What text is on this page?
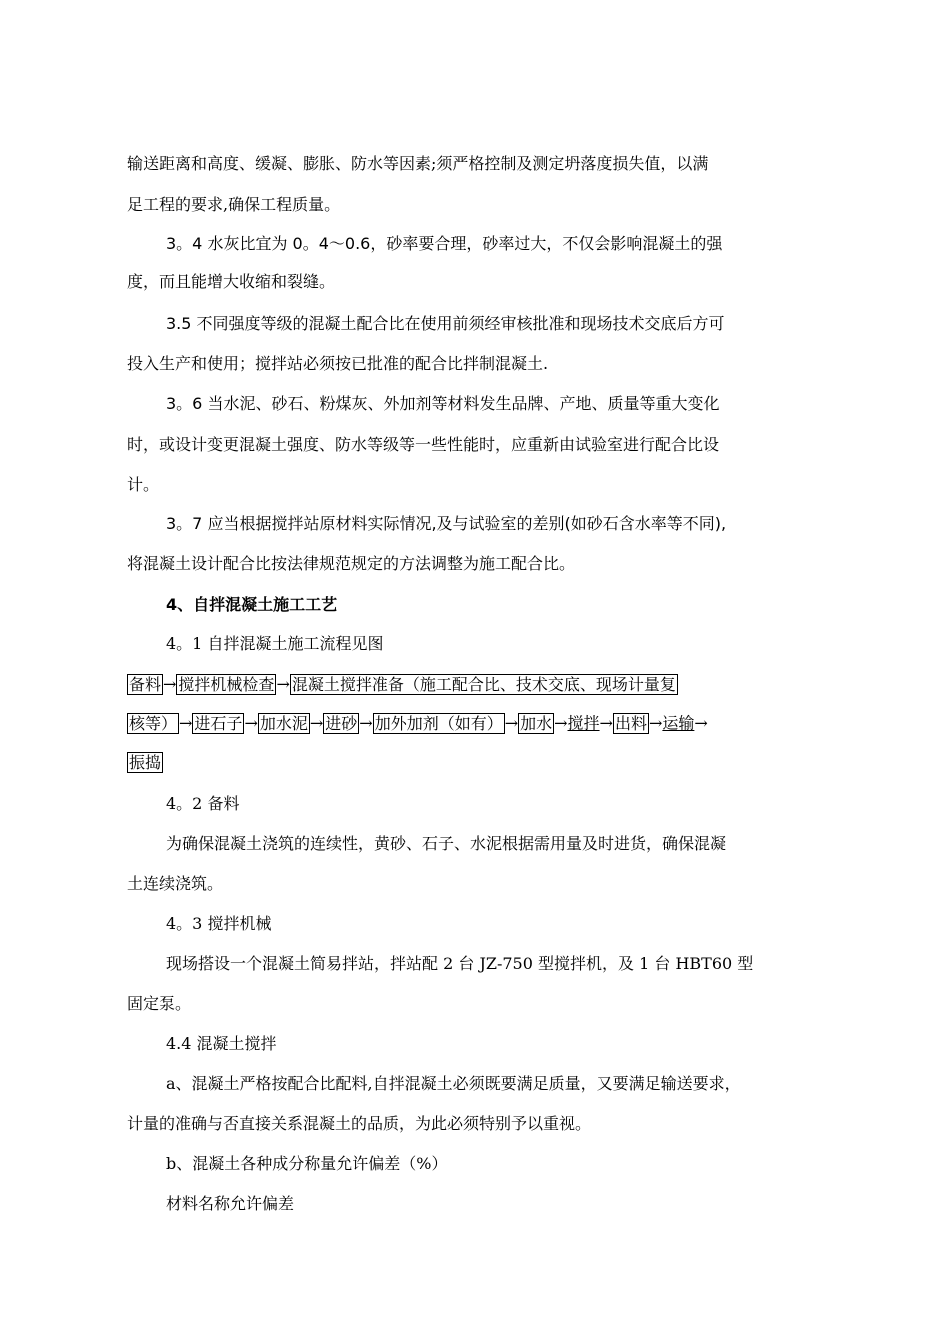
输送距离和高度、缓凝、膨胀、防水等因素;须严格控制及测定坍落度损失值，以满

足工程的要求,确保工程质量。

3。4 水灰比宜为 0。4～0.6，砂率要合理，砂率过大，不仅会影响混凝土的强

度，而且能增大收缩和裂缝。

3.5 不同强度等级的混凝土配合比在使用前须经审核批准和现场技术交底后方可

投入生产和使用；搅拌站必须按已批准的配合比拌制混凝土.

3。6 当水泥、砂石、粉煤灰、外加剂等材料发生品牌、产地、质量等重大变化

时，或设计变更混凝土强度、防水等级等一些性能时，应重新由试验室进行配合比设

计。

3。7 应当根据搅拌站原材料实际情况,及与试验室的差别(如砂石含水率等不同),

将混凝土设计配合比按法律规范规定的方法调整为施工配合比。

4、自拌混凝土施工工艺

4。1 自拌混凝土施工流程见图

备料 → 搅拌机械检查 → 混凝土搅拌准备（施工配合比、技术交底、现场计量复
核等） → 进石子 → 加水泥 → 进砂 → 加外加剂（如有） → 加水 →搅拌→ 出料 →运输→
振捣

4。2 备料

为确保混凝土浇筑的连续性，黄砂、石子、水泥根据需用量及时进货，确保混凝

土连续浇筑。

4。3 搅拌机械

现场搭设一个混凝土简易拌站，拌站配 2 台 JZ-750 型搅拌机，及 1 台 HBT60 型

固定泵。

4.4 混凝土搅拌

a、混凝土严格按配合比配料,自拌混凝土必须既要满足质量，又要满足输送要求，

计量的准确与否直接关系混凝土的品质，为此必须特别予以重视。

b、混凝土各种成分称量允许偏差（%）

材料名称允许偏差
